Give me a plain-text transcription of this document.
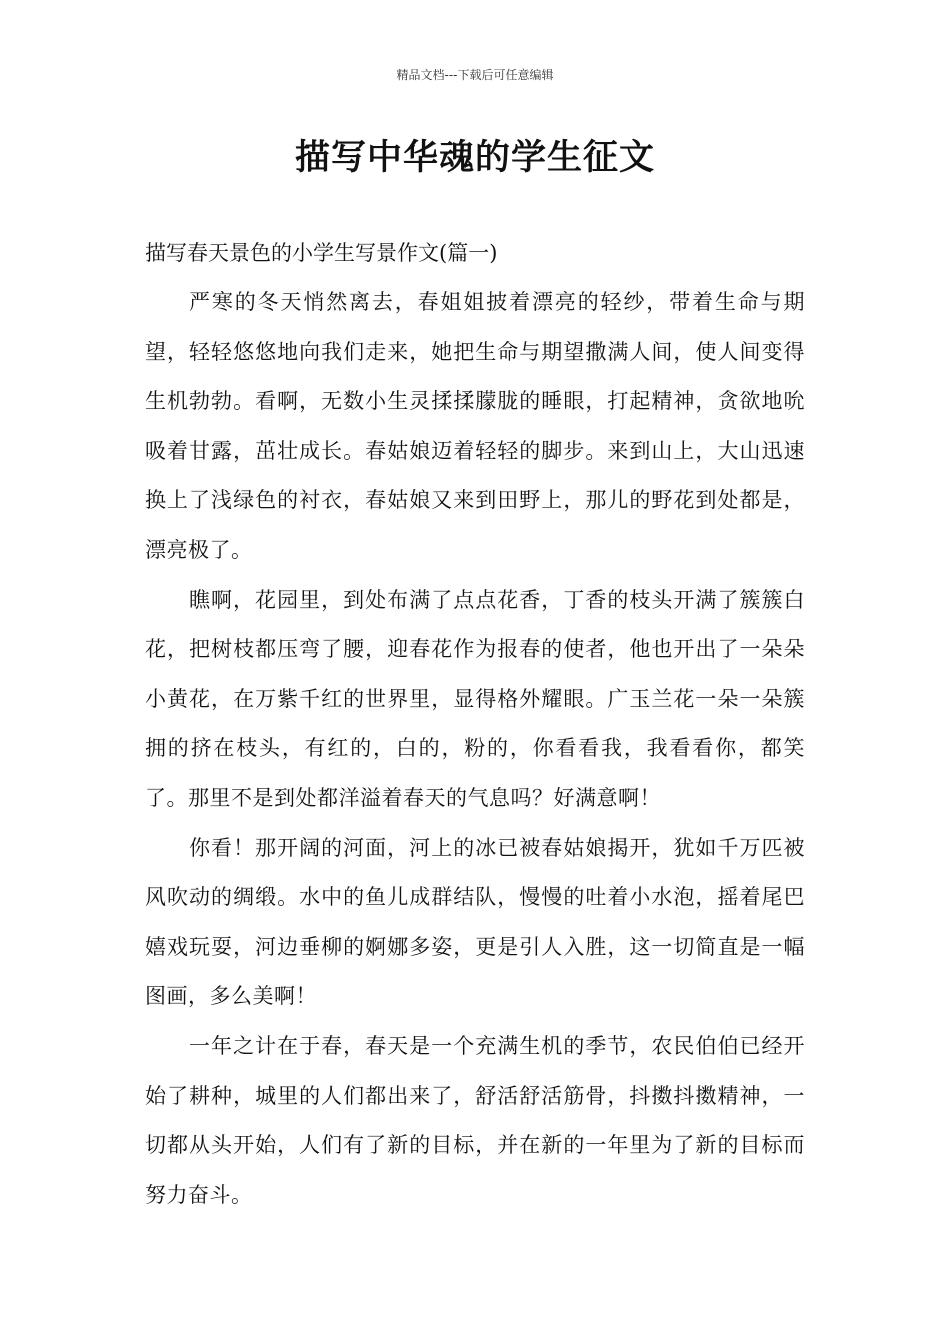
精品文档---下载后可任意编辑
描写中华魂的学生征文

描写春天景色的小学生写景作文(篇一)

严寒的冬天悄然离去，春姐姐披着漂亮的轻纱，带着生命与期望，轻轻悠悠地向我们走来，她把生命与期望撒满人间，使人间变得生机勃勃。看啊，无数小生灵揉揉朦胧的睡眼，打起精神，贪欲地吮吸着甘露，茁壮成长。春姑娘迈着轻轻的脚步。来到山上，大山迅速换上了浅绿色的衬衣，春姑娘又来到田野上，那儿的野花到处都是，漂亮极了。

瞧啊，花园里，到处布满了点点花香，丁香的枝头开满了簇簇白花，把树枝都压弯了腰，迎春花作为报春的使者，他也开出了一朵朵小黄花，在万紫千红的世界里，显得格外耀眼。广玉兰花一朵一朵簇拥的挤在枝头，有红的，白的，粉的，你看看我，我看看你，都笑了。那里不是到处都洋溢着春天的气息吗？好满意啊！

你看！那开阔的河面，河上的冰已被春姑娘揭开，犹如千万匹被风吹动的绸缎。水中的鱼儿成群结队，慢慢的吐着小水泡，摇着尾巴嬉戏玩耍，河边垂柳的婀娜多姿，更是引人入胜，这一切简直是一幅图画，多么美啊！

一年之计在于春，春天是一个充满生机的季节，农民伯伯已经开始了耕种，城里的人们都出来了，舒活舒活筋骨，抖擞抖擞精神，一切都从头开始，人们有了新的目标，并在新的一年里为了新的目标而努力奋斗。
